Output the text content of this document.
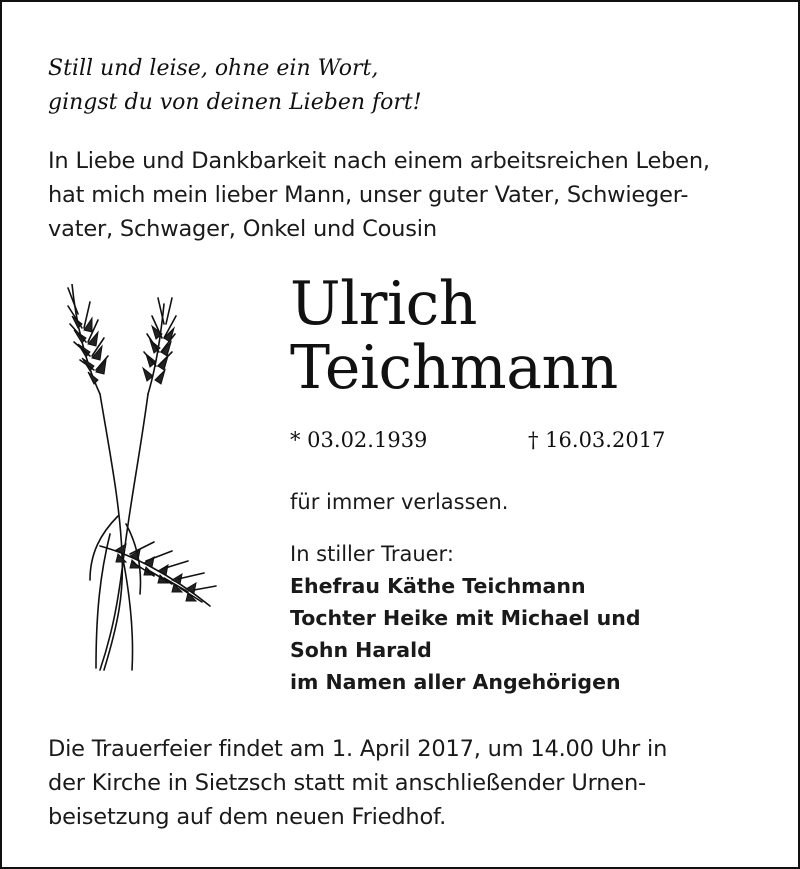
Still und leise, ohne ein Wort,
gingst du von deinen Lieben fort!
In Liebe und Dankbarkeit nach einem arbeitsreichen Leben,
hat mich mein lieber Mann, unser guter Vater, Schwieger-
vater, Schwager, Onkel und Cousin
Ulrich
Teichmann
* 03.02.1939	† 16.03.2017
für immer verlassen.
In stiller Trauer:
Ehefrau Käthe Teichmann
Tochter Heike mit Michael und
Sohn Harald
im Namen aller Angehörigen
Die Trauerfeier findet am 1. April 2017, um 14.00 Uhr in
der Kirche in Sietzsch statt mit anschließender Urnen-
beisetzung auf dem neuen Friedhof.
